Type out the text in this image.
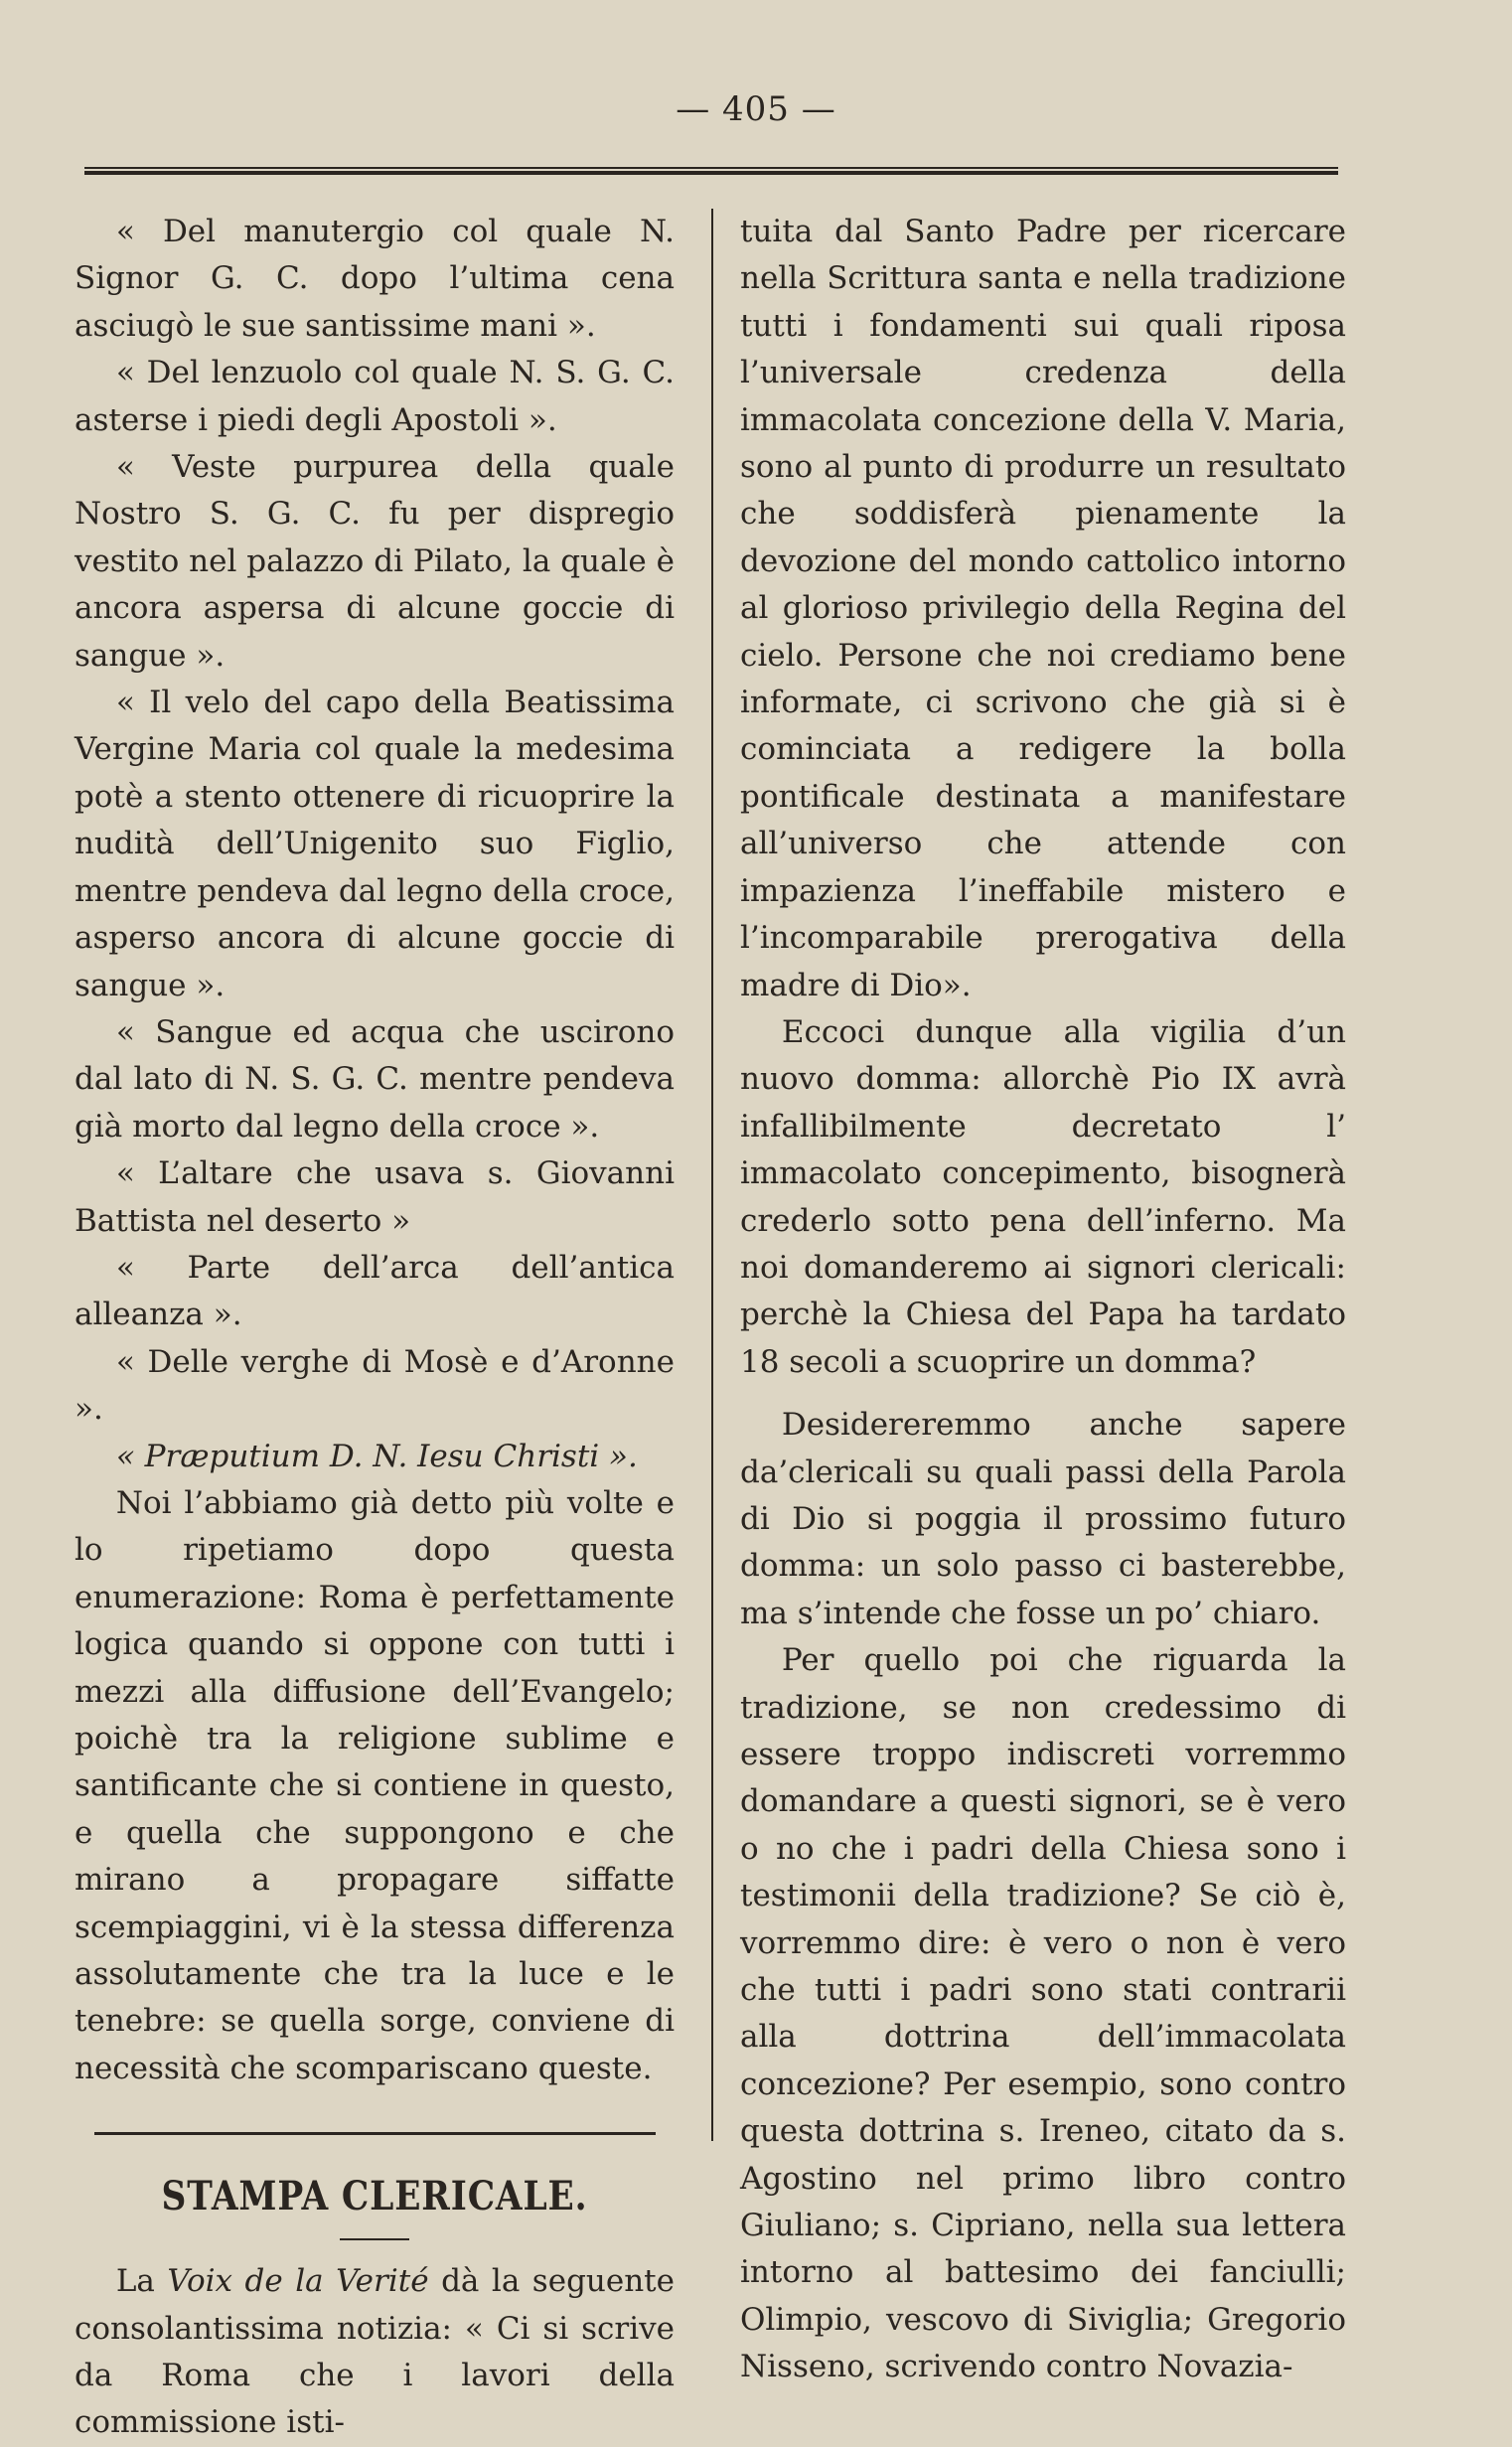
— 405 —

« Del manutergio col quale N. Signor G. C. dopo l’ultima cena asciugò le sue santissime mani ».

« Del lenzuolo col quale N. S. G. C. asterse i piedi degli Apostoli ».

« Veste purpurea della quale Nostro S. G. C. fu per dispregio vestito nel palazzo di Pilato, la quale è ancora aspersa di alcune goccie di sangue ».

« Il velo del capo della Beatissima Vergine Maria col quale la medesima potè a stento ottenere di ricuoprire la nudità dell’Unigenito suo Figlio, mentre pendeva dal legno della croce, asperso ancora di alcune goccie di sangue ».

« Sangue ed acqua che uscirono dal lato di N. S. G. C. mentre pendeva già morto dal legno della croce ».

« L’altare che usava s. Giovanni Battista nel deserto »

« Parte dell’arca dell’antica alleanza ».

« Delle verghe di Mosè e d’Aronne ».

« Præputium D. N. Iesu Christi ».

Noi l’abbiamo già detto più volte e lo ripetiamo dopo questa enumerazione: Roma è perfettamente logica quando si oppone con tutti i mezzi alla diffusione dell’Evangelo; poichè tra la religione sublime e santificante che si contiene in questo, e quella che suppongono e che mirano a propagare siffatte scempiaggini, vi è la stessa differenza assolutamente che tra la luce e le tenebre: se quella sorge, conviene di necessità che scompariscano queste.

STAMPA CLERICALE.

La Voix de la Verité dà la seguente consolantissima notizia: « Ci si scrive da Roma che i lavori della commissione isti-

tuita dal Santo Padre per ricercare nella Scrittura santa e nella tradizione tutti i fondamenti sui quali riposa l’universale credenza della immacolata concezione della V. Maria, sono al punto di produrre un resultato che soddisferà pienamente la devozione del mondo cattolico intorno al glorioso privilegio della Regina del cielo. Persone che noi crediamo bene informate, ci scrivono che già si è cominciata a redigere la bolla pontificale destinata a manifestare all’universo che attende con impazienza l’ineffabile mistero e l’incomparabile prerogativa della madre di Dio».

Eccoci dunque alla vigilia d’un nuovo domma: allorchè Pio IX avrà infallibilmente decretato l’ immacolato concepimento, bisognerà crederlo sotto pena dell’inferno. Ma noi domanderemo ai signori clericali: perchè la Chiesa del Papa ha tardato 18 secoli a scuoprire un domma?

Desidereremmo anche sapere da’clericali su quali passi della Parola di Dio si poggia il prossimo futuro domma: un solo passo ci basterebbe, ma s’intende che fosse un po’ chiaro.

Per quello poi che riguarda la tradizione, se non credessimo di essere troppo indiscreti vorremmo domandare a questi signori, se è vero o no che i padri della Chiesa sono i testimonii della tradizione? Se ciò è, vorremmo dire: è vero o non è vero che tutti i padri sono stati contrarii alla dottrina dell’immacolata concezione? Per esempio, sono contro questa dottrina s. Ireneo, citato da s. Agostino nel primo libro contro Giuliano; s. Cipriano, nella sua lettera intorno al battesimo dei fanciulli; Olimpio, vescovo di Siviglia; Gregorio Nisseno, scrivendo contro Novazia-
